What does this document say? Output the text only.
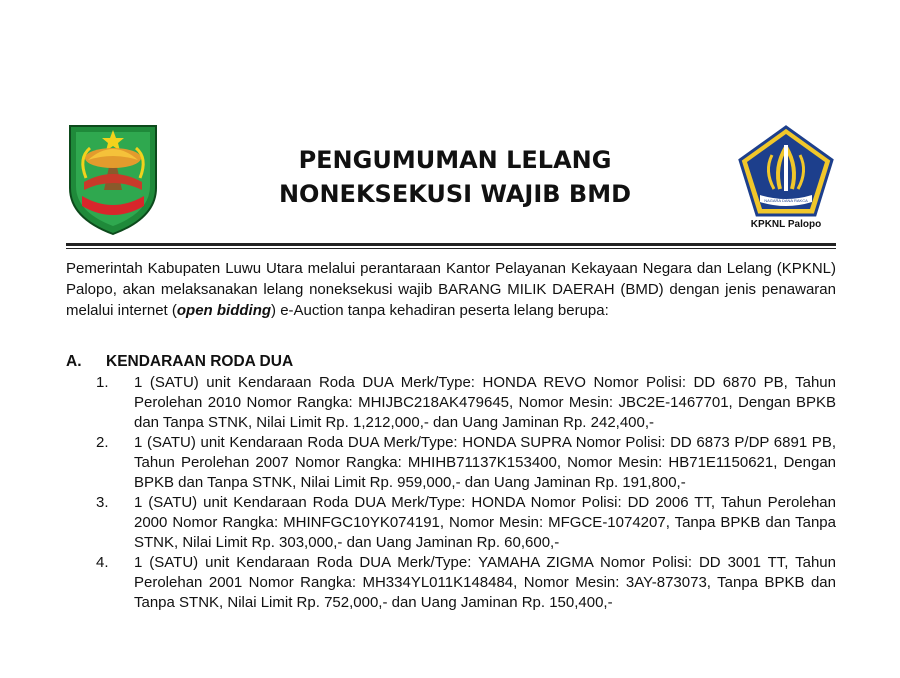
NAGARA DANA RAKCA
KPKNL Palopo
PENGUMUMAN LELANG
NONEKSEKUSI WAJIB BMD
Pemerintah Kabupaten Luwu Utara melalui perantaraan Kantor Pelayanan Kekayaan Negara dan Lelang (KPKNL) Palopo, akan melaksanakan lelang noneksekusi wajib BARANG MILIK DAERAH (BMD) dengan jenis penawaran melalui internet (open bidding) e-Auction tanpa kehadiran peserta lelang berupa:
A. KENDARAAN RODA DUA
1.	1 (SATU) unit Kendaraan Roda DUA Merk/Type: HONDA REVO Nomor Polisi: DD 6870 PB, Tahun Perolehan 2010 Nomor Rangka: MHIJBC218AK479645, Nomor Mesin: JBC2E-1467701, Dengan BPKB dan Tanpa STNK, Nilai Limit Rp. 1,212,000,- dan Uang Jaminan Rp. 242,400,-
2.	1 (SATU) unit Kendaraan Roda DUA Merk/Type: HONDA SUPRA Nomor Polisi: DD 6873 P/DP 6891 PB, Tahun Perolehan 2007 Nomor Rangka: MHIHB71137K153400, Nomor Mesin: HB71E1150621, Dengan BPKB dan Tanpa STNK, Nilai Limit Rp. 959,000,- dan Uang Jaminan Rp. 191,800,-
3.	1 (SATU) unit Kendaraan Roda DUA Merk/Type: HONDA Nomor Polisi: DD 2006 TT, Tahun Perolehan 2000 Nomor Rangka: MHINFGC10YK074191, Nomor Mesin: MFGCE-1074207, Tanpa BPKB dan Tanpa STNK, Nilai Limit Rp. 303,000,- dan Uang Jaminan Rp. 60,600,-
4.	1 (SATU) unit Kendaraan Roda DUA Merk/Type: YAMAHA ZIGMA Nomor Polisi: DD 3001 TT, Tahun Perolehan 2001 Nomor Rangka: MH334YL011K148484, Nomor Mesin: 3AY-873073, Tanpa BPKB dan Tanpa STNK, Nilai Limit Rp. 752,000,- dan Uang Jaminan Rp. 150,400,-
